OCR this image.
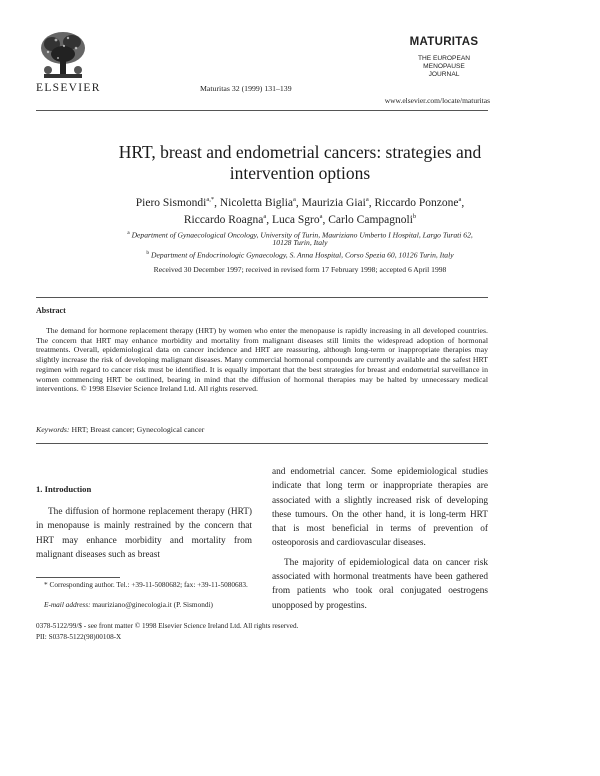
ELSEVIER	Maturitas 32 (1999) 131–139
MATURITAS
THE EUROPEAN
MENOPAUSE
JOURNAL
www.elsevier.com/locate/maturitas
HRT, breast and endometrial cancers: strategies and
intervention options
Piero Sismondi$^{a,*}$, Nicoletta Biglia$^a$, Maurizia Giai$^a$, Riccardo Ponzone$^a$,
Riccardo Roagna$^a$, Luca Sgro$^a$, Carlo Campagnoli$^b$
$^a$ Department of Gynaecological Oncology, University of Turin, Mauriziano Umberto I Hospital, Largo Turati 62,
10128 Turin, Italy
$^b$ Department of Endocrinologic Gynaecology, S. Anna Hospital, Corso Spezia 60, 10126 Turin, Italy
Received 30 December 1997; received in revised form 17 February 1998; accepted 6 April 1998
Abstract
The demand for hormone replacement therapy (HRT) by women who enter the menopause is rapidly increasing in all developed countries. The concern that HRT may enhance morbidity and mortality from malignant diseases still limits the widespread adoption of hormonal treatments. Overall, epidemiological data on cancer incidence and HRT are reassuring, although long-term or inappropriate therapies may slightly increase the risk of developing malignant diseases. Many commercial hormonal compounds are currently available and the safest HRT regimen with regard to cancer risk must be identified. It is equally important that the best strategies for breast and endometrial surveillance in women commencing HRT be outlined, bearing in mind that the diffusion of hormonal therapies may be halted by unnecessary medical interventions. © 1998 Elsevier Science Ireland Ltd. All rights reserved.
Keywords: HRT; Breast cancer; Gynecological cancer
1. Introduction

The diffusion of hormone replacement therapy (HRT) in menopause is mainly restrained by the concern that HRT may enhance morbidity and mortality from malignant diseases such as breast

and endometrial cancer. Some epidemiological studies indicate that long term or inappropriate therapies are associated with a slightly increased risk of developing these tumours. On the other hand, it is long-term HRT that is most beneficial in terms of prevention of osteoporosis and cardiovascular diseases.

The majority of epidemiological data on cancer risk associated with hormonal treatments have been gathered from patients who took oral conjugated oestrogens unopposed by progestins.

* Corresponding author. Tel.: +39-11-5080682; fax: +39-11-5080683.
E-mail address: mauriziano@ginecologia.it (P. Sismondi)
0378-5122/99/$ - see front matter © 1998 Elsevier Science Ireland Ltd. All rights reserved.
PII: S0378-5122(98)00108-X
